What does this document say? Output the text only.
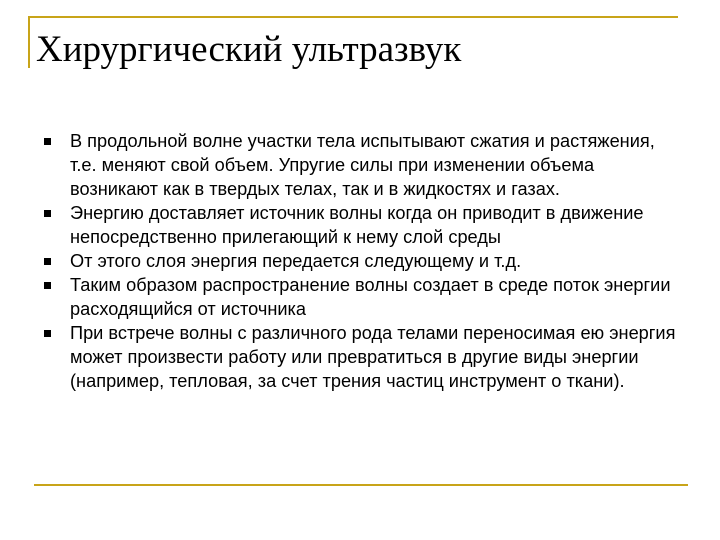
Хирургический ультразвук
В продольной волне участки тела испытывают сжатия и растяжения, т.е. меняют свой объем. Упругие силы при изменении объема возникают как в твердых телах, так и в жидкостях и газах.
Энергию доставляет источник волны когда он приводит в движение непосредственно прилегающий к нему слой среды
От этого слоя энергия передается следующему и т.д.
Таким образом распространение волны создает в среде поток энергии расходящийся от источника
При встрече волны с различного рода телами переносимая ею энергия может произвести работу или превратиться в другие виды энергии (например, тепловая, за счет трения частиц инструмент о ткани).
